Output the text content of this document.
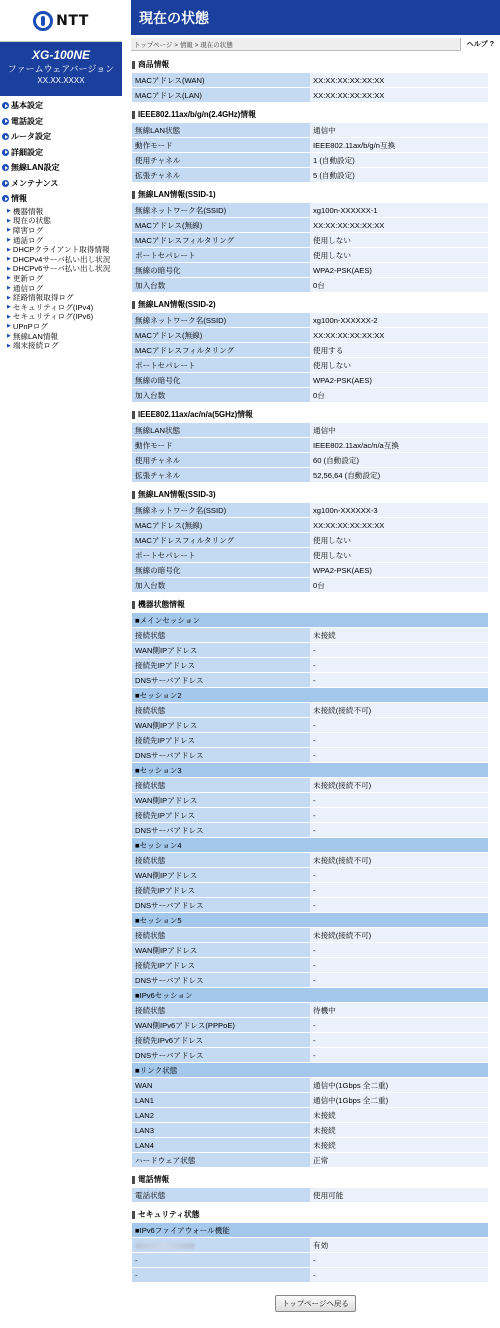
NTT
XG-100NE
ファームウェアバージョン
XX.XX.XXXX
基本設定
電話設定
ルータ設定
詳細設定
無線LAN設定
メンテナンス
情報
▶ 機器情報
▶ 現在の状態
▶ 障害ログ
▶ 通話ログ
▶ DHCPクライアント取得情報
▶ DHCPv4サーバ払い出し状況
▶ DHCPv6サーバ払い出し状況
▶ 更新ログ
▶ 通信ログ
▶ 経路情報取得ログ
▶ セキュリティログ(IPv4)
▶ セキュリティログ(IPv6)
▶ UPnPログ
▶ 無線LAN情報
▶ 端末接続ログ
現在の状態
トップページ > 情報 > 現在の状態	ヘルプ ?
商品情報
MACアドレス(WAN)	XX:XX:XX:XX:XX:XX
MACアドレス(LAN)	XX:XX:XX:XX:XX:XX
IEEE802.11ax/b/g/n(2.4GHz)情報
無線LAN状態	通信中
動作モード	IEEE802.11ax/b/g/n互換
使用チャネル	1 (自動設定)
拡張チャネル	5 (自動設定)
無線LAN情報(SSID-1)
無線ネットワーク名(SSID)	xg100n-XXXXXX-1
MACアドレス(無線)	XX:XX:XX:XX:XX:XX
MACアドレスフィルタリング	使用しない
ポートセパレート	使用しない
無線の暗号化	WPA2-PSK(AES)
加入台数	0台
無線LAN情報(SSID-2)
無線ネットワーク名(SSID)	xg100n-XXXXXX-2
MACアドレス(無線)	XX:XX:XX:XX:XX:XX
MACアドレスフィルタリング	使用する
ポートセパレート	使用しない
無線の暗号化	WPA2-PSK(AES)
加入台数	0台
IEEE802.11ax/ac/n/a(5GHz)情報
無線LAN状態	通信中
動作モード	IEEE802.11ax/ac/n/a互換
使用チャネル	60 (自動設定)
拡張チャネル	52,56,64 (自動設定)
無線LAN情報(SSID-3)
無線ネットワーク名(SSID)	xg100n-XXXXXX-3
MACアドレス(無線)	XX:XX:XX:XX:XX:XX
MACアドレスフィルタリング	使用しない
ポートセパレート	使用しない
無線の暗号化	WPA2-PSK(AES)
加入台数	0台
機器状態情報
■メインセッション	
接続状態	未接続
WAN側IPアドレス	-
接続先IPアドレス	-
DNSサーバアドレス	-
■セッション2	
接続状態	未接続(接続不可)
WAN側IPアドレス	-
接続先IPアドレス	-
DNSサーバアドレス	-
■セッション3	
接続状態	未接続(接続不可)
WAN側IPアドレス	-
接続先IPアドレス	-
DNSサーバアドレス	-
■セッション4	
接続状態	未接続(接続不可)
WAN側IPアドレス	-
接続先IPアドレス	-
DNSサーバアドレス	-
■セッション5	
接続状態	未接続(接続不可)
WAN側IPアドレス	-
接続先IPアドレス	-
DNSサーバアドレス	-
■IPv6セッション	
接続状態	待機中
WAN側IPv6アドレス(PPPoE)	-
接続先IPv6アドレス	-
DNSサーバアドレス	-
■リンク状態	
WAN	通信中(1Gbps 全二重)
LAN1	通信中(1Gbps 全二重)
LAN2	未接続
LAN3	未接続
LAN4	未接続
ハードウェア状態	正常
電話情報
電話状態	使用可能
セキュリティ状態
■IPv6ファイアウォール機能	
	有効
-	-
-	-
トップページへ戻る
